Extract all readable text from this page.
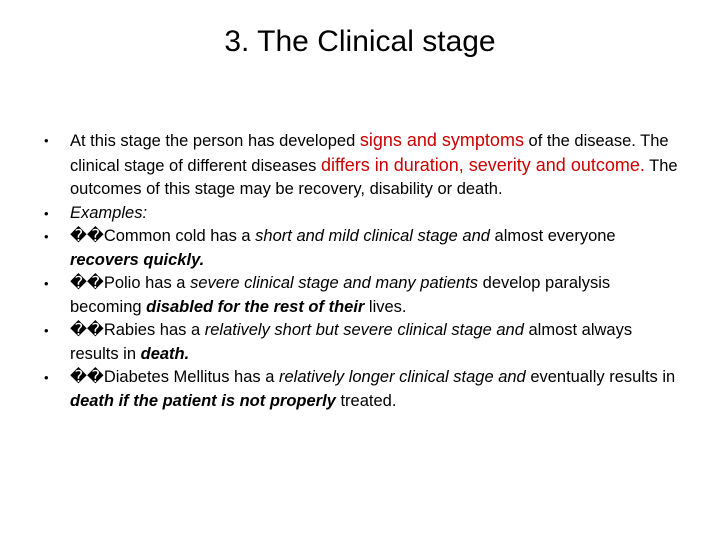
3. The Clinical stage
• At this stage the person has developed signs and symptoms of the disease. The clinical stage of different diseases differs in duration, severity and outcome. The outcomes of this stage may be recovery, disability or death.
• Examples:
• ��Common cold has a short and mild clinical stage and almost everyone recovers quickly.
• ��Polio has a severe clinical stage and many patients develop paralysis becoming disabled for the rest of their lives.
• ��Rabies has a relatively short but severe clinical stage and almost always results in death.
• ��Diabetes Mellitus has a relatively longer clinical stage and eventually results in death if the patient is not properly treated.
